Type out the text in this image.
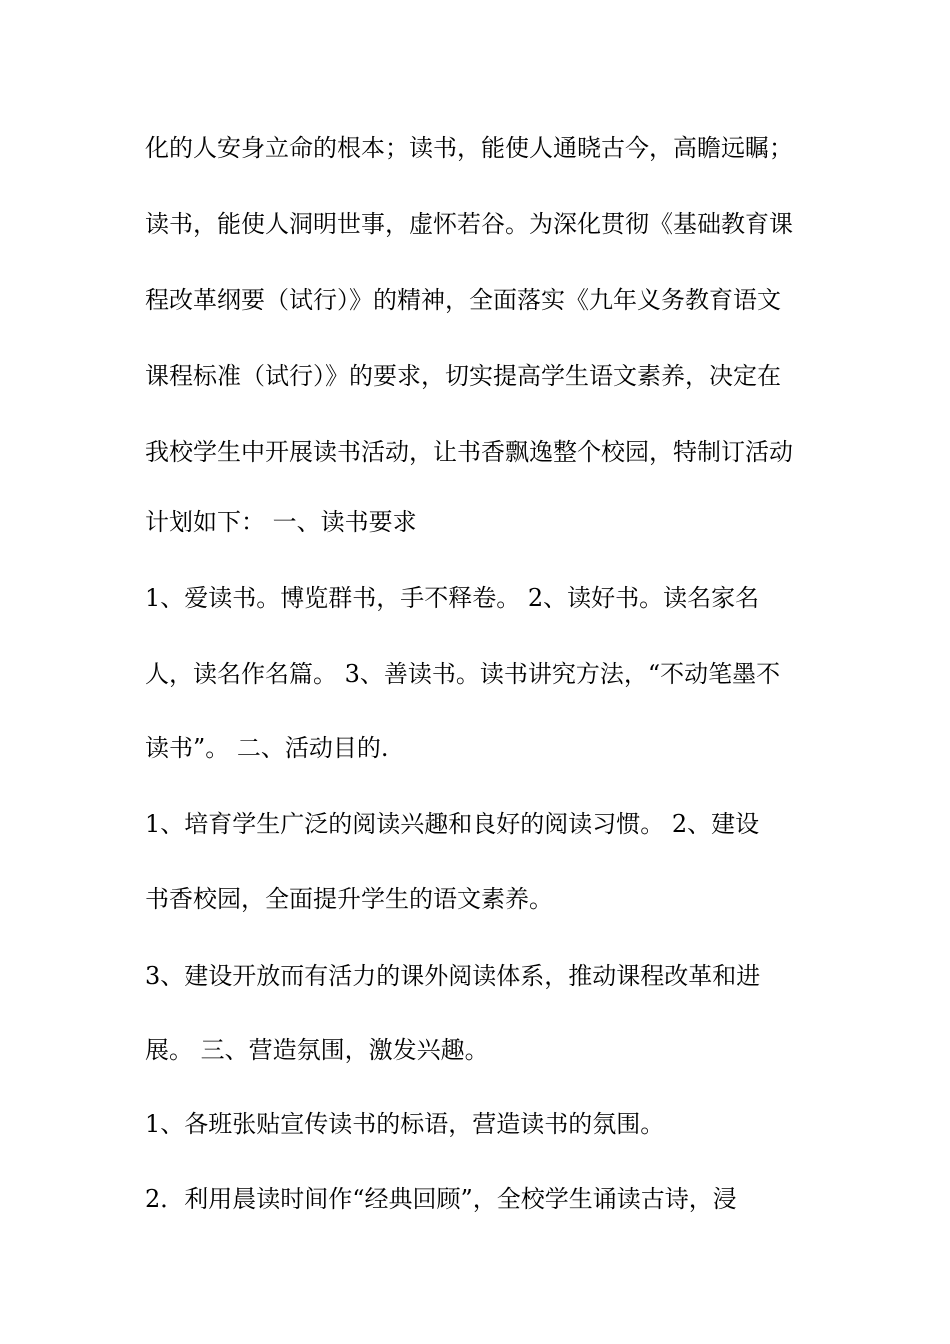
化的人安身立命的根本；读书，能使人通晓古今，高瞻远瞩；
读书，能使人洞明世事，虚怀若谷。为深化贯彻《基础教育课
程改革纲要（试行）》的精神，全面落实《九年义务教育语文
课程标准（试行）》的要求，切实提高学生语文素养，决定在
我校学生中开展读书活动，让书香飘逸整个校园，特制订活动
计划如下： 一、读书要求
1、爱读书。博览群书，手不释卷。 2、读好书。读名家名
人，读名作名篇。 3、善读书。读书讲究方法，“不动笔墨不
读书”。 二、活动目的.
1、培育学生广泛的阅读兴趣和良好的阅读习惯。 2、建设
书香校园，全面提升学生的语文素养。
3、建设开放而有活力的课外阅读体系，推动课程改革和进
展。 三、营造氛围，激发兴趣。
1、各班张贴宣传读书的标语，营造读书的氛围。
2．利用晨读时间作“经典回顾”，全校学生诵读古诗，浸
